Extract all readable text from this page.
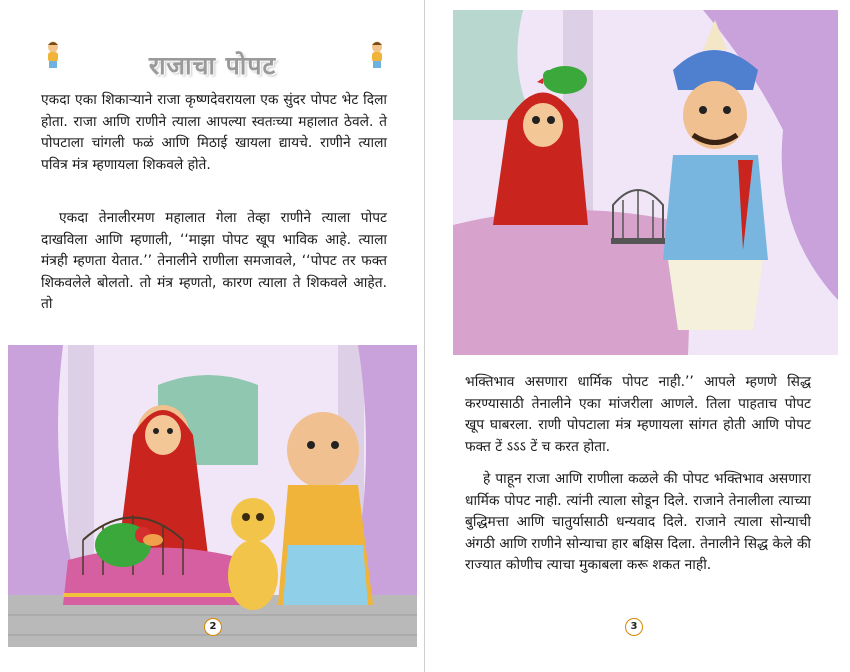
राजाचा पोपट

एकदा एका शिकाऱ्याने राजा कृष्णदेवरायला एक सुंदर पोपट भेट दिला होता. राजा आणि राणीने त्याला आपल्या स्वतःच्या महालात ठेवले. ते पोपटाला चांगली फळं आणि मिठाई खायला द्यायचे. राणीने त्याला पवित्र मंत्र म्हणायला शिकवले होते.

एकदा तेनालीरमण महालात गेला तेव्हा राणीने त्याला पोपट दाखविला आणि म्हणाली, ‘‘माझा पोपट खूप भाविक आहे. त्याला मंत्रही म्हणता येतात.’’ तेनालीने राणीला समजावले, ‘‘पोपट तर फक्त शिकवलेले बोलतो. तो मंत्र म्हणतो, कारण त्याला ते शिकवले आहेत. तो

2

भक्तिभाव असणारा धार्मिक पोपट नाही.’’ आपले म्हणणे सिद्ध करण्यासाठी तेनालीने एका मांजरीला आणले. तिला पाहताच पोपट खूप घाबरला. राणी पोपटाला मंत्र म्हणायला सांगत होती आणि पोपट फक्त टें ऽऽऽ टें च करत होता.

हे पाहून राजा आणि राणीला कळले की पोपट भक्तिभाव असणारा धार्मिक पोपट नाही. त्यांनी त्याला सोडून दिले. राजाने तेनालीला त्याच्या बुद्धिमत्ता आणि चातुर्यासाठी धन्यवाद दिले. राजाने त्याला सोन्याची अंगठी आणि राणीने सोन्याचा हार बक्षिस दिला. तेनालीने सिद्ध केले की राज्यात कोणीच त्याचा मुकाबला करू शकत नाही.

3
